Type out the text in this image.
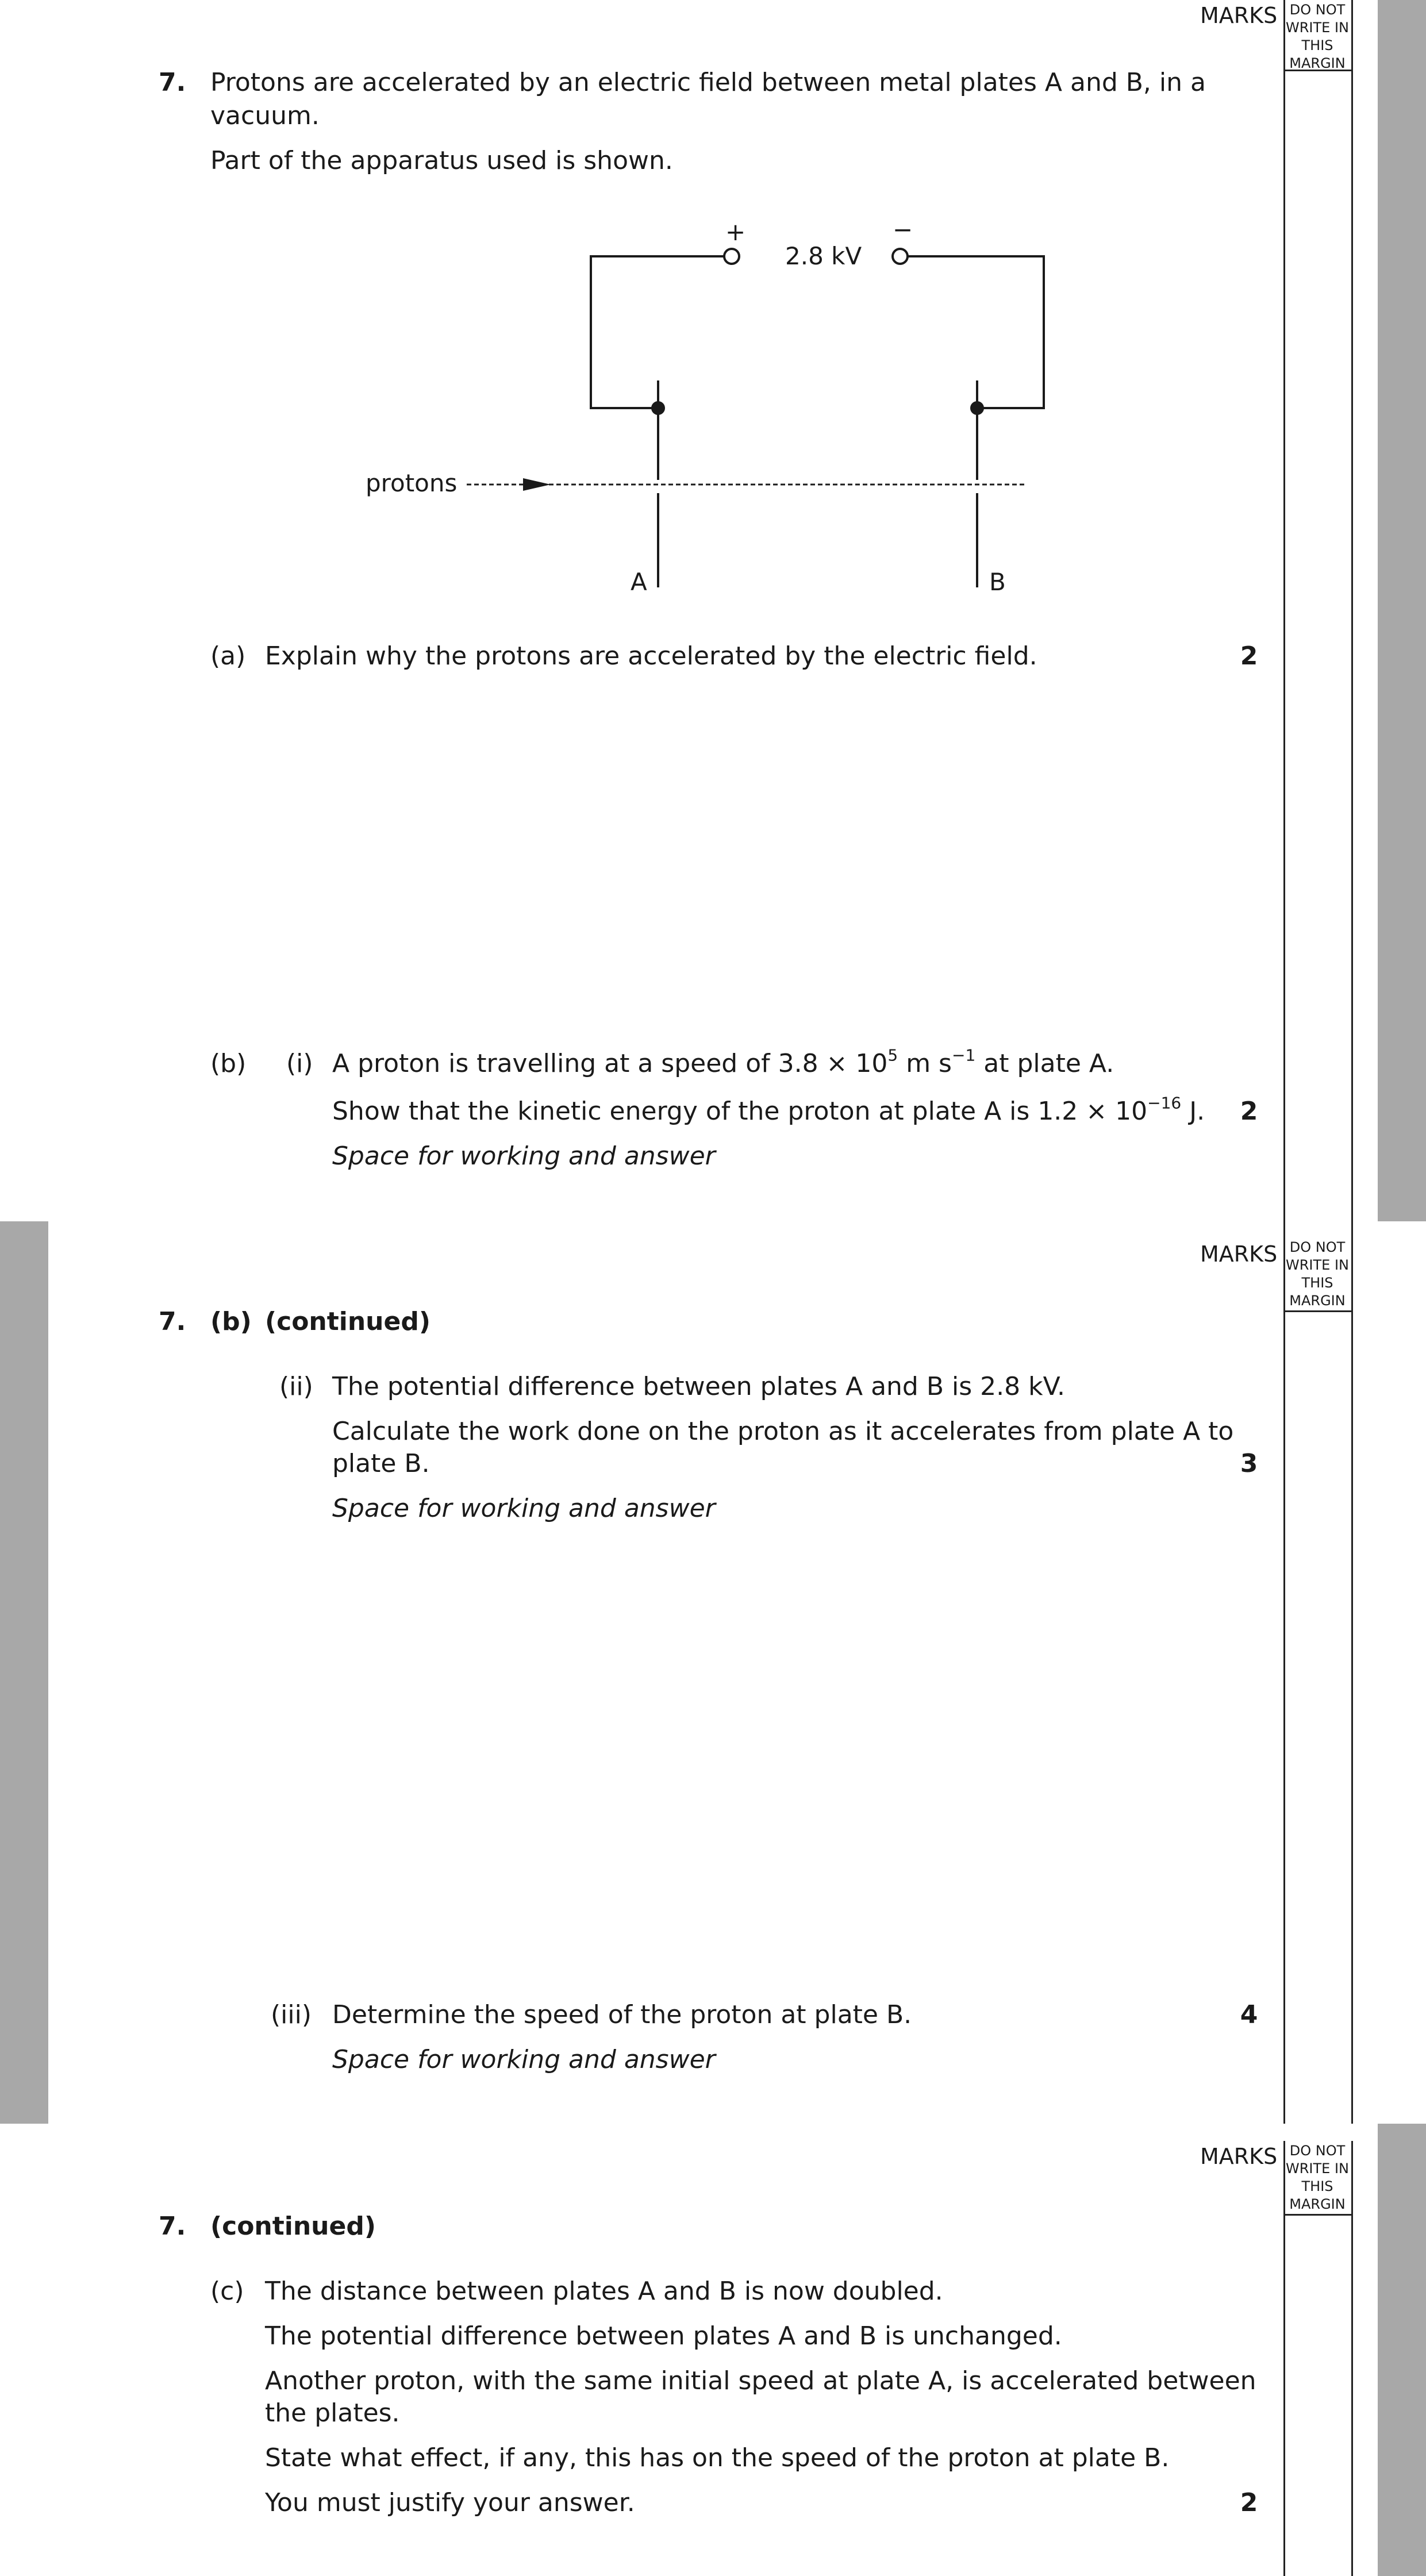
MARKS DO NOT
WRITE IN
THIS
MARGIN
7. Protons are accelerated by an electric field between metal plates A and B, in a
vacuum.
Part of the apparatus used is shown.
+	−
2.8 kV
protons
A	B
(a) Explain why the protons are accelerated by the electric field.	2
(b) (i) A proton is travelling at a speed of $3.8 \times 10^5$ m $s^{-1}$ at plate A.
Show that the kinetic energy of the proton at plate A is $1.2 \times 10^{-16}$ J.	2
Space for working and answer
MARKS DO NOT
WRITE IN
THIS
MARGIN
7. (b) (continued)
(ii) The potential difference between plates A and B is 2.8 kV.
Calculate the work done on the proton as it accelerates from plate A to
plate B.	3
Space for working and answer
(iii) Determine the speed of the proton at plate B.	4
Space for working and answer
MARKS DO NOT
WRITE IN
THIS
MARGIN
7. (continued)
(c) The distance between plates A and B is now doubled.
The potential difference between plates A and B is unchanged.
Another proton, with the same initial speed at plate A, is accelerated between
the plates.
State what effect, if any, this has on the speed of the proton at plate B.
You must justify your answer.	2
